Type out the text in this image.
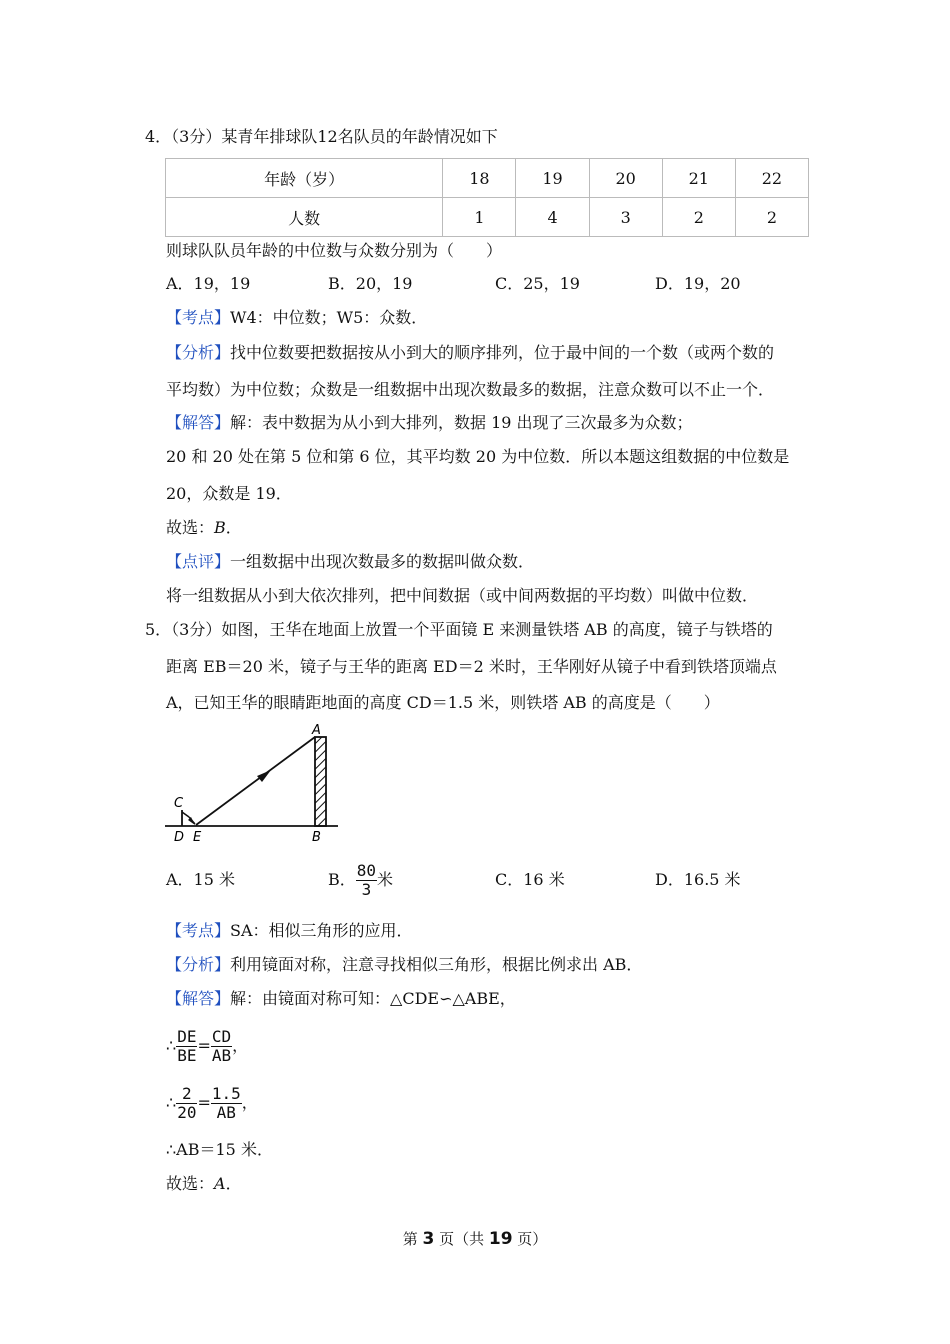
4．（3分）某青年排球队12名队员的年龄情况如下
年龄（岁）	18	19	20	21	22
人数	1	4	3	2	2
则球队队员年龄的中位数与众数分别为（　　）
A．19，19	B．20，19	C．25，19	D．19，20
【考点】W4：中位数；W5：众数．
【分析】找中位数要把数据按从小到大的顺序排列，位于最中间的一个数（或两个数的
平均数）为中位数；众数是一组数据中出现次数最多的数据，注意众数可以不止一个．
【解答】解：表中数据为从小到大排列，数据 19 出现了三次最多为众数；
20 和 20 处在第 5 位和第 6 位，其平均数 20 为中位数．所以本题这组数据的中位数是
20，众数是 19．
故选：B．
【点评】一组数据中出现次数最多的数据叫做众数．
将一组数据从小到大依次排列，把中间数据（或中间两数据的平均数）叫做中位数．
5．（3分）如图，王华在地面上放置一个平面镜 E 来测量铁塔 AB 的高度，镜子与铁塔的
距离 EB＝20 米，镜子与王华的距离 ED＝2 米时，王华刚好从镜子中看到铁塔顶端点
A，已知王华的眼睛距地面的高度 CD＝1.5 米，则铁塔 AB 的高度是（　　）
A
B
C
D E
A．15 米	B． $\frac{80}{3}$ 米	C．16 米	D．16.5 米
【考点】SA：相似三角形的应用．
【分析】利用镜面对称，注意寻找相似三角形，根据比例求出 AB．
【解答】解：由镜面对称可知：△CDE∽△ABE，
∴ $\frac{DE}{BE} = \frac{CD}{AB}$ ，
∴ $\frac{2}{20} = \frac{1.5}{AB}$ ，
∴AB＝15 米．
故选：A．
第 3 页（共 19 页）
